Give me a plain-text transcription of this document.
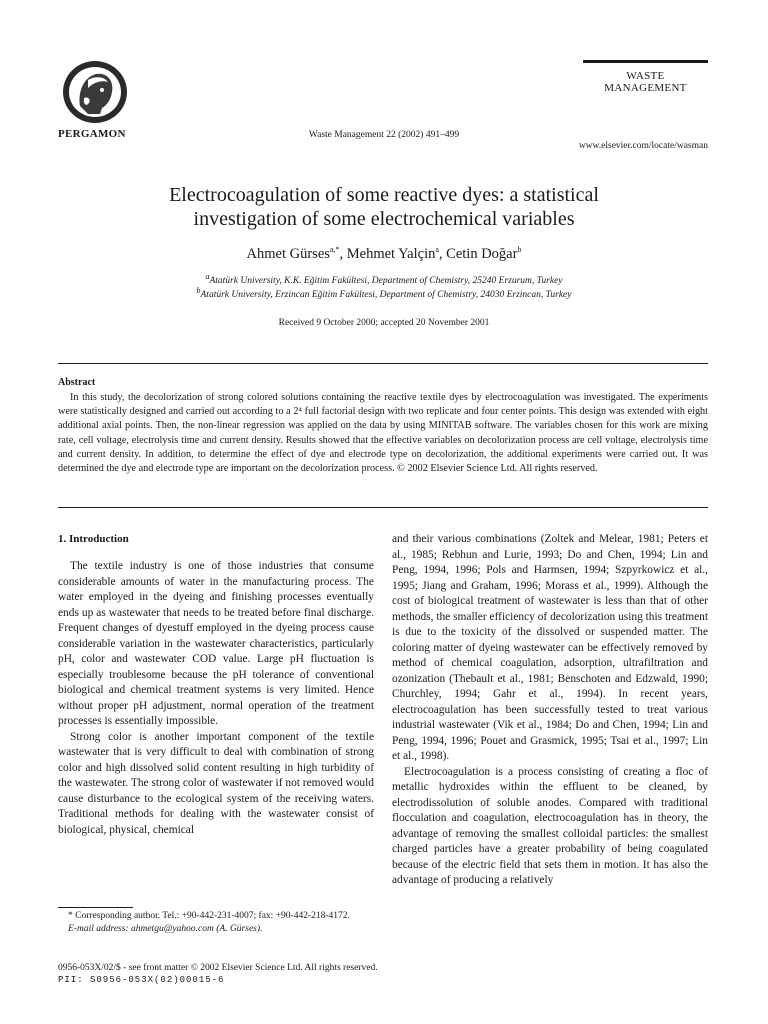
PERGAMON	Waste Management 22 (2002) 491–499
WASTE
MANAGEMENT
www.elsevier.com/locate/wasman
Electrocoagulation of some reactive dyes: a statistical
investigation of some electrochemical variables
Ahmet Gürses$^{a,*}$, Mehmet Yalçin$^a$, Cetin Doğar$^b$
$^a$Atatürk University, K.K. Eğitim Fakültesi, Department of Chemistry, 25240 Erzurum, Turkey
$^b$Atatürk University, Erzincan Eğitim Fakültesi, Department of Chemistry, 24030 Erzincan, Turkey
Received 9 October 2000; accepted 20 November 2001
Abstract
In this study, the decolorization of strong colored solutions containing the reactive textile dyes by electrocoagulation was investigated. The experiments were statistically designed and carried out according to a 2⁴ full factorial design with two replicate and four center points. This design was extended with eight additional axial points. Then, the non-linear regression was applied on the data by using MINITAB software. The variables chosen for this work are mixing rate, cell voltage, electrolysis time and current density. Results showed that the effective variables on decolorization process are cell voltage, electrolysis time and current density. In addition, to determine the effect of dye and electrode type on decolorization, the additional experiments were carried out. It was determined the dye and electrode type are important on the decolorization process. © 2002 Elsevier Science Ltd. All rights reserved.
1. Introduction

The textile industry is one of those industries that consume considerable amounts of water in the manufacturing process. The water employed in the dyeing and finishing processes eventually ends up as wastewater that needs to be treated before final discharge. Frequent changes of dyestuff employed in the dyeing process cause considerable variation in the wastewater characteristics, particularly pH, color and wastewater COD value. Large pH fluctuation is especially troublesome because the pH tolerance of conventional biological and chemical treatment systems is very limited. Hence without proper pH adjustment, normal operation of the treatment processes is essentially impossible.

Strong color is another important component of the textile wastewater that is very difficult to deal with combination of strong color and high dissolved solid content resulting in high turbidity of the wastewater. The strong color of wastewater if not removed would cause disturbance to the ecological system of the receiving waters. Traditional methods for dealing with the wastewater consist of biological, physical, chemical

and their various combinations (Zoltek and Melear, 1981; Peters et al., 1985; Rebhun and Lurie, 1993; Do and Chen, 1994; Lin and Peng, 1994, 1996; Pols and Harmsen, 1994; Szpyrkowicz et al., 1995; Jiang and Graham, 1996; Morass et al., 1999). Although the cost of biological treatment of wastewater is less than that of other methods, the smaller efficiency of decolorization using this treatment is due to the toxicity of the dissolved or suspended matter. The coloring matter of dyeing wastewater can be effectively removed by method of chemical coagulation, adsorption, ultrafiltration and ozonization (Thebault et al., 1981; Benschoten and Edzwald, 1990; Churchley, 1994; Gahr et al., 1994). In recent years, electrocoagulation has been successfully tested to treat various industrial wastewater (Vik et al., 1984; Do and Chen, 1994; Lin and Peng, 1994, 1996; Pouet and Grasmick, 1995; Tsai et al., 1997; Lin et al., 1998).

Electrocoagulation is a process consisting of creating a floc of metallic hydroxides within the effluent to be cleaned, by electrodissolution of soluble anodes. Compared with traditional flocculation and coagulation, electrocoagulation has in theory, the advantage of removing the smallest colloidal particles: the smallest charged particles have a greater probability of being coagulated because of the electric field that sets them in motion. It has also the advantage of producing a relatively

* Corresponding author. Tel.: +90-442-231-4007; fax: +90-442-218-4172.

E-mail address: ahmetgu@yahoo.com (A. Gürses).

0956-053X/02/$ - see front matter © 2002 Elsevier Science Ltd. All rights reserved.
PII: S0956-053X(02)00015-6
